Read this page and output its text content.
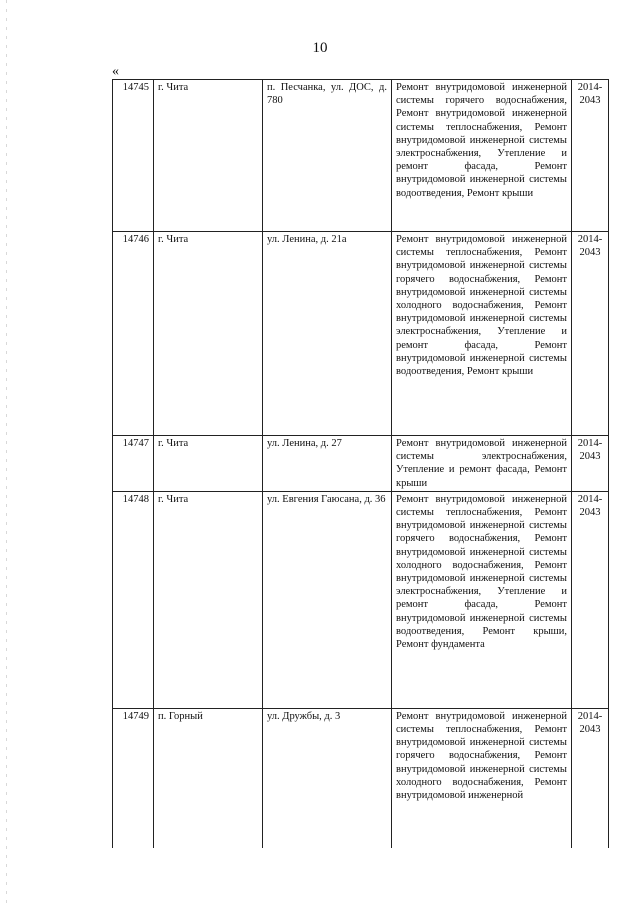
10
«
14745	г. Чита	п. Песчанка, ул. ДОС, д. 780	Ремонт внутридомовой инженерной системы горячего водоснабжения, Ремонт внутридомовой инженерной системы теплоснабжения, Ремонт внутридомовой инженерной системы электроснабжения, Утепление и ремонт фасада, Ремонт внутридомовой инженерной системы водоотведения, Ремонт крыши	2014-2043
14746	г. Чита	ул. Ленина, д. 21а	Ремонт внутридомовой инженерной системы теплоснабжения, Ремонт внутридомовой инженерной системы горячего водоснабжения, Ремонт внутридомовой инженерной системы холодного водоснабжения, Ремонт внутридомовой инженерной системы электроснабжения, Утепление и ремонт фасада, Ремонт внутридомовой инженерной системы водоотведения, Ремонт крыши	2014-2043
14747	г. Чита	ул. Ленина, д. 27	Ремонт внутридомовой инженерной системы электроснабжения, Утепление и ремонт фасада, Ремонт крыши	2014-2043
14748	г. Чита	ул. Евгения Гаюсана, д. 36	Ремонт внутридомовой инженерной системы теплоснабжения, Ремонт внутридомовой инженерной системы горячего водоснабжения, Ремонт внутридомовой инженерной системы холодного водоснабжения, Ремонт внутридомовой инженерной системы электроснабжения, Утепление и ремонт фасада, Ремонт внутридомовой инженерной системы водоотведения, Ремонт крыши, Ремонт фундамента	2014-2043
14749	п. Горный	ул. Дружбы, д. 3	Ремонт внутридомовой инженерной системы теплоснабжения, Ремонт внутридомовой инженерной системы горячего водоснабжения, Ремонт внутридомовой инженерной системы холодного водоснабжения, Ремонт внутридомовой инженерной	2014-2043
